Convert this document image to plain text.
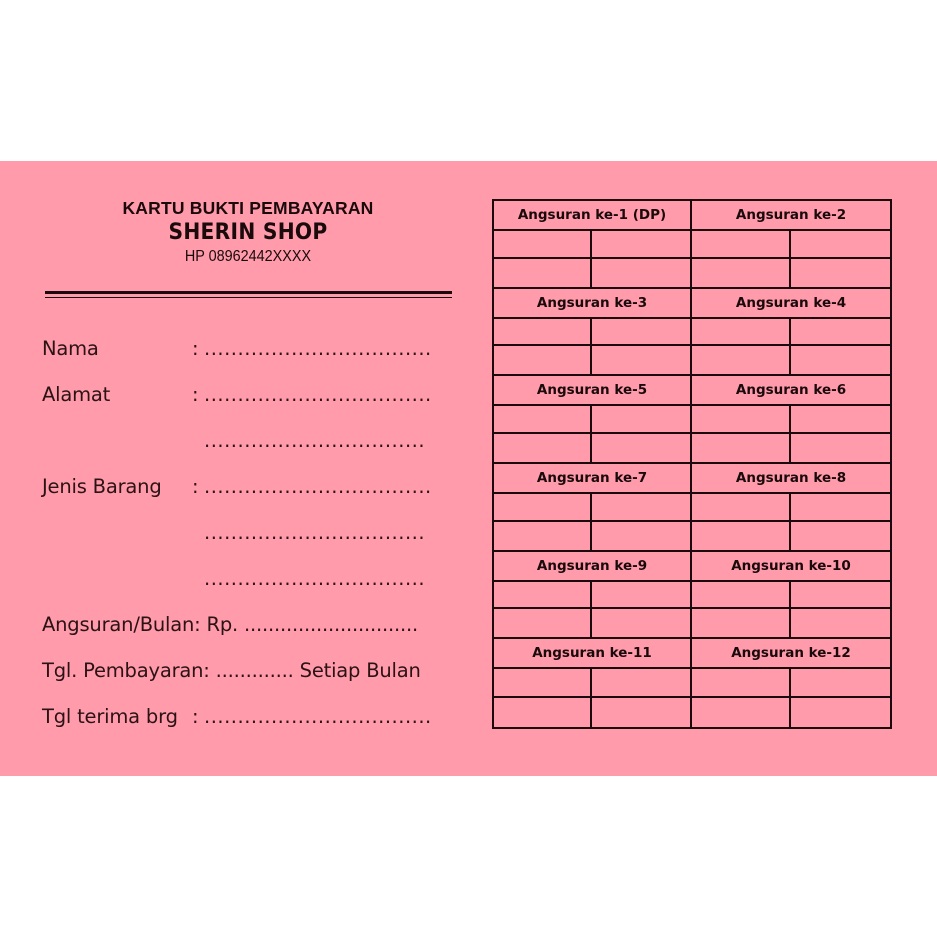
KARTU BUKTI PEMBAYARAN
SHERIN SHOP
HP 08962442XXXX
Nama	: ..................................
Alamat	: ..................................
.................................
Jenis Barang : ..................................
.................................
.................................
Angsuran/Bulan: Rp. .............................
Tgl. Pembayaran: ............. Setiap Bulan
Tgl terima brg : ..................................
Angsuran ke-1 (DP)	Angsuran ke-2
Angsuran ke-3	Angsuran ke-4
Angsuran ke-5	Angsuran ke-6
Angsuran ke-7	Angsuran ke-8
Angsuran ke-9	Angsuran ke-10
Angsuran ke-11	Angsuran ke-12
